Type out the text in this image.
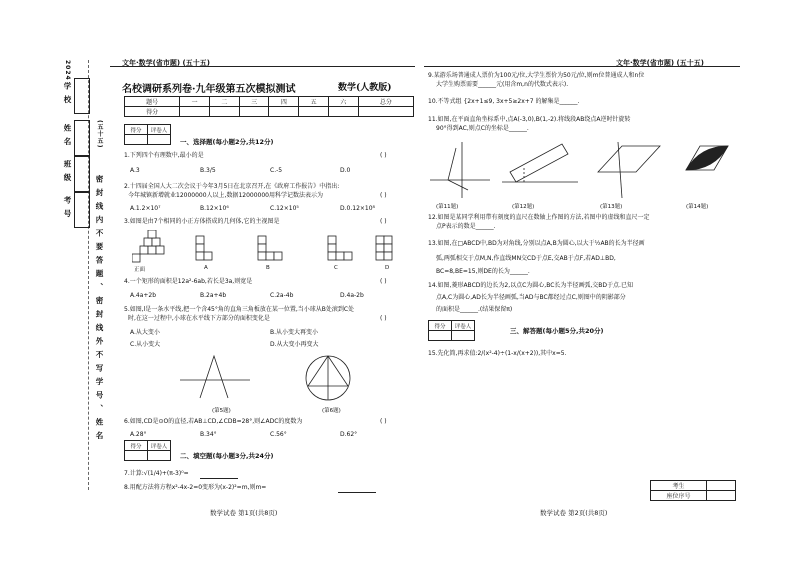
文年·数学(省市题) (五十五)
2024
(五十五)
密封线内不要答题、密封线外不写学号、姓名
学校
姓名
班级
考号
名校调研系列卷·九年级第五次模拟测试	数学(人教版)
题号	一	二	三	四	五	六	总分
得分							
得分	评卷人

一、选择题(每小题2分,共12分)
1.下列四个有理数中,最小的是	( )
A.3	B.3/5	C.-5	D.0
2.十四届全国人大二次会议于今年3月5日在北京召开,在《政府工作报告》中指出:
今年城镇新增就业12000000人以上,数据12000000用科学记数法表示为	( )
A.1.2×10⁷	B.12×10⁶	C.12×10⁵	D.0.12×10⁸
3.如图是由7个相同的小正方体搭成的几何体,它的主视图是	( )
正面	A	B	C	D
4.一个矩形的面积是12a²-6ab,若长是3a,则宽是	( )
A.4a+2b	B.2a+4b	C.2a-4b	D.4a-2b
5.如图,l是一条水平线,把一个含45°角的直角三角板放在某一位置,当小球从B处滚到C处
时,在这一过程中,小球在水平线下方部分的面积变化是	( )
A.从大变小	B.从小变大再变小
C.从小变大	D.从大变小再变大
(第5题)	(第6题)
6.如图,CD是⊙O的直径,若AB⊥CD,∠CDB=28°,则∠ADC的度数为	( )
A.28°	B.34°	C.56°	D.62°
得分	评卷人

二、填空题(每小题3分,共24分)
7.计算:√(1/4)+(π-3)⁰=
8.用配方法将方程x²-4x-2=0变形为(x-2)²=m,则m=
数学试卷 第1页(共8页)
文年·数学(省市题) (五十五)
9.某游乐场普通成人票价为100元/位,大学生票价为50元/位,则m位普通成人和n位
大学生购票需要______元(用含m,n的代数式表示).
10.不等式组 {2x+1≤9, 3x+5≥2x+7 的解集是______.
11.如图,在平面直角坐标系中,点A(-3,0),B(1,-2).将线段AB绕点A逆时针旋转
90°得到AC,则点C的坐标是______.
(第11题)	(第12题)	(第13题)	(第14题)
12.如图是某同学利用带有刻度的直尺在数轴上作图的方法,若图中的虚线和直尺一定
点P表示的数是______.
13.如图,在□ABCD中,BD为对角线,分别以点A,B为圆心,以大于½AB的长为半径画
弧,两弧相交于点M,N,作直线MN交CD于点E,交AB于点F,若AD⊥BD,
BC=8,BE=15,则DE的长为______.
14.如图,菱形ABCD的边长为2,以点C为圆心,BC长为半径画弧,交BD于点.已知
点A,C为圆心,AD长为半径画弧,当AD与BC都经过点C,则图中的阴影部分
的面积是______.(结果保留π)
得分	评卷人

三、解答题(每小题5分,共20分)
15.先化简,再求值:2/(x²-4)÷(1-x/(x+2)),其中x=5.
考生	
座位序号	
数学试卷 第2页(共8页)
